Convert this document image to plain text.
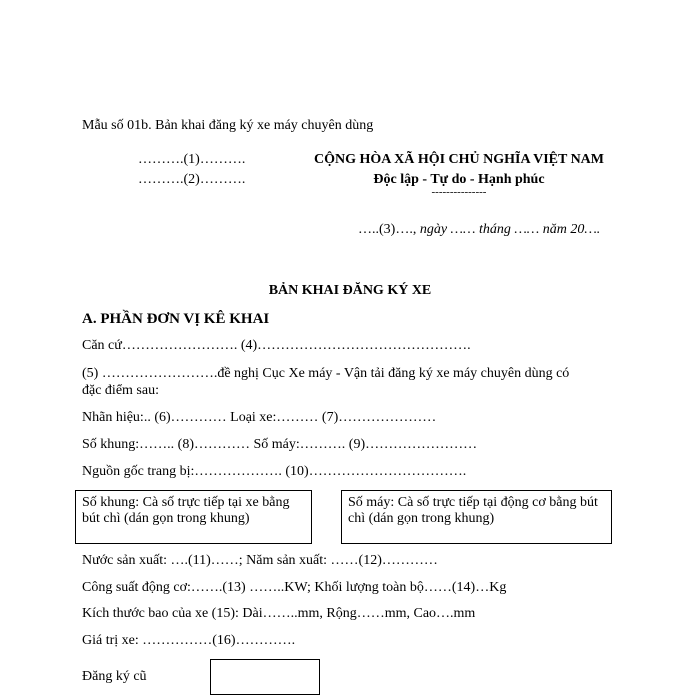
Mẫu số 01b. Bản khai đăng ký xe máy chuyên dùng
……….(1)……….
……….(2)……….
CỘNG HÒA XÃ HỘI CHỦ NGHĨA VIỆT NAM
Độc lập - Tự do - Hạnh phúc
---------------
…..(3)…., ngày …… tháng …… năm 20….
BẢN KHAI ĐĂNG KÝ XE
A. PHẦN ĐƠN VỊ KÊ KHAI
Căn cứ……………………. (4)……………………………………….
(5) …………………….đề nghị Cục Xe máy - Vận tải đăng ký xe máy chuyên dùng có
đặc điểm sau:
Nhãn hiệu:.. (6)………… Loại xe:……… (7)…………………
Số khung:…….. (8)………… Số máy:………. (9)……………………
Nguồn gốc trang bị:………………. (10)…………………………….
Số khung: Cà số trực tiếp tại xe bằng bút chì (dán gọn trong khung)
Số máy: Cà số trực tiếp tại động cơ bằng bút chì (dán gọn trong khung)
Nước sản xuất: ….(11)……; Năm sản xuất: ……(12)…………
Công suất động cơ:…….(13) ……..KW; Khối lượng toàn bộ……(14)…Kg
Kích thước bao của xe (15): Dài……..mm, Rộng……mm, Cao….mm
Giá trị xe: ……………(16)………….
Đăng ký cũ
